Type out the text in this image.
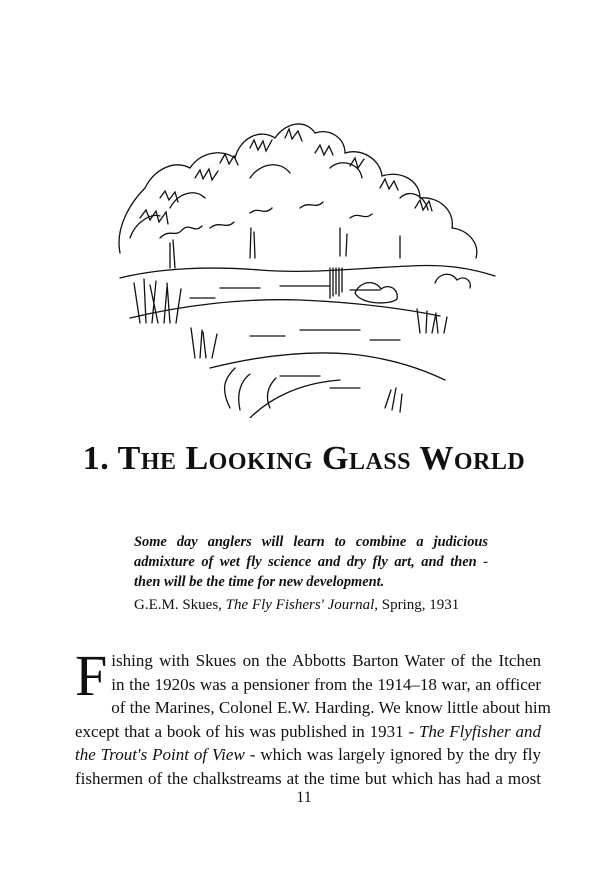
1. The Looking Glass World
Some day anglers will learn to combine a judicious
admixture of wet fly science and dry fly art, and then -
then will be the time for new development.
G.E.M. Skues, The Fly Fishers' Journal, Spring, 1931
F ishing with Skues on the Abbotts Barton Water of the Itchen
in the 1920s was a pensioner from the 1914–18 war, an officer
of the Marines, Colonel E.W. Harding. We know little about him
except that a book of his was published in 1931 - The Flyfisher and
the Trout's Point of View - which was largely ignored by the dry fly
fishermen of the chalkstreams at the time but which has had a most
11
